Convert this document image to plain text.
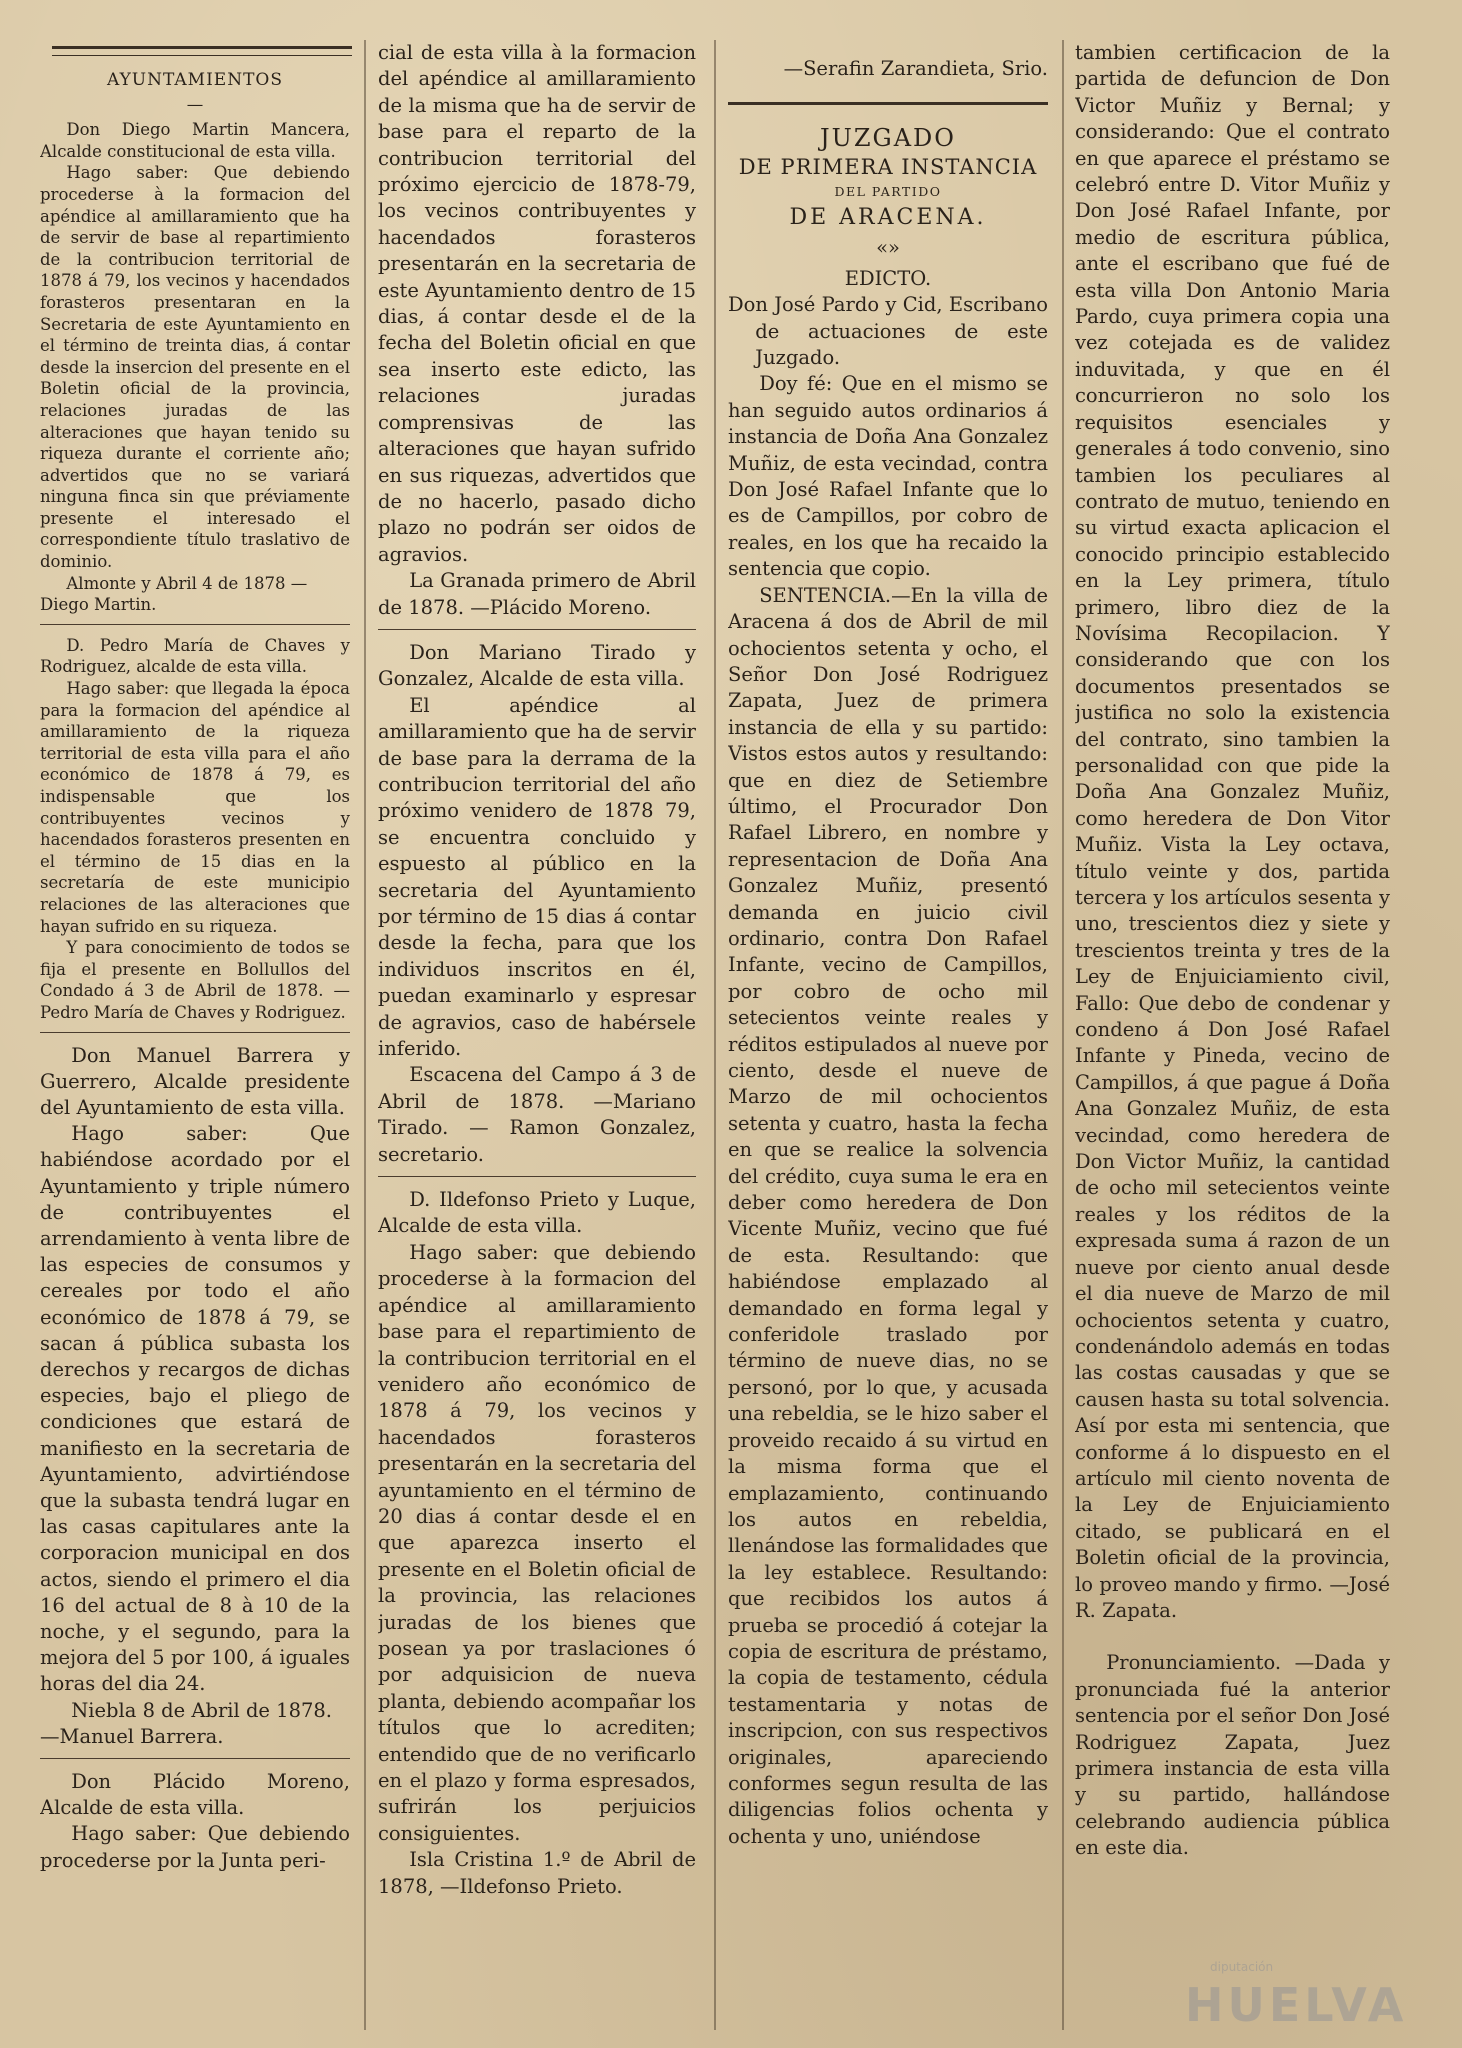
AYUNTAMIENTOS

—

Don Diego Martin Mancera, Alcalde constitucional de esta villa.

Hago saber: Que debiendo procederse à la formacion del apéndice al amillaramiento que ha de servir de base al repartimiento de la contribucion territorial de 1878 á 79, los vecinos y hacendados forasteros presentaran en la Secretaria de este Ayuntamiento en el término de treinta dias, á contar desde la insercion del presente en el Boletin oficial de la provincia, relaciones juradas de las alteraciones que hayan tenido su riqueza durante el corriente año; advertidos que no se variará ninguna finca sin que préviamente presente el interesado el correspondiente título traslativo de dominio.

Almonte y Abril 4 de 1878 —

Diego Martin.

D. Pedro María de Chaves y Rodriguez, alcalde de esta villa.

Hago saber: que llegada la época para la formacion del apéndice al amillaramiento de la riqueza territorial de esta villa para el año económico de 1878 á 79, es indispensable que los contribuyentes vecinos y hacendados forasteros presenten en el término de 15 dias en la secretaría de este municipio relaciones de las alteraciones que hayan sufrido en su riqueza.

Y para conocimiento de todos se fija el presente en Bollullos del Condado á 3 de Abril de 1878. —Pedro María de Chaves y Rodriguez.

Don Manuel Barrera y Guerrero, Alcalde presidente del Ayuntamiento de esta villa.

Hago saber: Que habiéndose acordado por el Ayuntamiento y triple número de contribuyentes el arrendamiento à venta libre de las especies de consumos y cereales por todo el año económico de 1878 á 79, se sacan á pública subasta los derechos y recargos de dichas especies, bajo el pliego de condiciones que estará de manifiesto en la secretaria de Ayuntamiento, advirtiéndose que la subasta tendrá lugar en las casas capitulares ante la corporacion municipal en dos actos, siendo el primero el dia 16 del actual de 8 à 10 de la noche, y el segundo, para la mejora del 5 por 100, á iguales horas del dia 24.

Niebla 8 de Abril de 1878.

—Manuel Barrera.

Don Plácido Moreno, Alcalde de esta villa.

Hago saber: Que debiendo procederse por la Junta peri-

cial de esta villa à la formacion del apéndice al amillaramiento de la misma que ha de servir de base para el reparto de la contribucion territorial del próximo ejercicio de 1878-79, los vecinos contribuyentes y hacendados forasteros presentarán en la secretaria de este Ayuntamiento dentro de 15 dias, á contar desde el de la fecha del Boletin oficial en que sea inserto este edicto, las relaciones juradas comprensivas de las alteraciones que hayan sufrido en sus riquezas, advertidos que de no hacerlo, pasado dicho plazo no podrán ser oidos de agravios.

La Granada primero de Abril de 1878. —Plácido Moreno.

Don Mariano Tirado y Gonzalez, Alcalde de esta villa.

El apéndice al amillaramiento que ha de servir de base para la derrama de la contribucion territorial del año próximo venidero de 1878 79, se encuentra concluido y espuesto al público en la secretaria del Ayuntamiento por término de 15 dias á contar desde la fecha, para que los individuos inscritos en él, puedan examinarlo y espresar de agravios, caso de habérsele inferido.

Escacena del Campo á 3 de Abril de 1878. —Mariano Tirado. — Ramon Gonzalez, secretario.

D. Ildefonso Prieto y Luque, Alcalde de esta villa.

Hago saber: que debiendo procederse à la formacion del apéndice al amillaramiento base para el repartimiento de la contribucion territorial en el venidero año económico de 1878 á 79, los vecinos y hacendados forasteros presentarán en la secretaria del ayuntamiento en el término de 20 dias á contar desde el en que aparezca inserto el presente en el Boletin oficial de la provincia, las relaciones juradas de los bienes que posean ya por traslaciones ó por adquisicion de nueva planta, debiendo acompañar los títulos que lo acrediten; entendido que de no verificarlo en el plazo y forma espresados, sufrirán los perjuicios consiguientes.

Isla Cristina 1.º de Abril de 1878, —Ildefonso Prieto.

—Serafin Zarandieta, Srio.

JUZGADO

DE PRIMERA INSTANCIA

DEL PARTIDO

DE ARACENA.

«»

EDICTO.

Don José Pardo y Cid, Escribano de actuaciones de este Juzgado.

Doy fé: Que en el mismo se han seguido autos ordinarios á instancia de Doña Ana Gonzalez Muñiz, de esta vecindad, contra Don José Rafael Infante que lo es de Campillos, por cobro de reales, en los que ha recaido la sentencia que copio.

SENTENCIA.—En la villa de Aracena á dos de Abril de mil ochocientos setenta y ocho, el Señor Don José Rodriguez Zapata, Juez de primera instancia de ella y su partido: Vistos estos autos y resultando: que en diez de Setiembre último, el Procurador Don Rafael Librero, en nombre y representacion de Doña Ana Gonzalez Muñiz, presentó demanda en juicio civil ordinario, contra Don Rafael Infante, vecino de Campillos, por cobro de ocho mil setecientos veinte reales y réditos estipulados al nueve por ciento, desde el nueve de Marzo de mil ochocientos setenta y cuatro, hasta la fecha en que se realice la solvencia del crédito, cuya suma le era en deber como heredera de Don Vicente Muñiz, vecino que fué de esta. Resultando: que habiéndose emplazado al demandado en forma legal y conferidole traslado por término de nueve dias, no se personó, por lo que, y acusada una rebeldia, se le hizo saber el proveido recaido á su virtud en la misma forma que el emplazamiento, continuando los autos en rebeldia, llenándose las formalidades que la ley establece. Resultando: que recibidos los autos á prueba se procedió á cotejar la copia de escritura de préstamo, la copia de testamento, cédula testamentaria y notas de inscripcion, con sus respectivos originales, apareciendo conformes segun resulta de las diligencias folios ochenta y ochenta y uno, uniéndose

tambien certificacion de la partida de defuncion de Don Victor Muñiz y Bernal; y considerando: Que el contrato en que aparece el préstamo se celebró entre D. Vitor Muñiz y Don José Rafael Infante, por medio de escritura pública, ante el escribano que fué de esta villa Don Antonio Maria Pardo, cuya primera copia una vez cotejada es de validez induvitada, y que en él concurrieron no solo los requisitos esenciales y generales á todo convenio, sino tambien los peculiares al contrato de mutuo, teniendo en su virtud exacta aplicacion el conocido principio establecido en la Ley primera, título primero, libro diez de la Novísima Recopilacion. Y considerando que con los documentos presentados se justifica no solo la existencia del contrato, sino tambien la personalidad con que pide la Doña Ana Gonzalez Muñiz, como heredera de Don Vitor Muñiz. Vista la Ley octava, título veinte y dos, partida tercera y los artículos sesenta y uno, trescientos diez y siete y trescientos treinta y tres de la Ley de Enjuiciamiento civil, Fallo: Que debo de condenar y condeno á Don José Rafael Infante y Pineda, vecino de Campillos, á que pague á Doña Ana Gonzalez Muñiz, de esta vecindad, como heredera de Don Victor Muñiz, la cantidad de ocho mil setecientos veinte reales y los réditos de la expresada suma á razon de un nueve por ciento anual desde el dia nueve de Marzo de mil ochocientos setenta y cuatro, condenándolo además en todas las costas causadas y que se causen hasta su total solvencia. Así por esta mi sentencia, que conforme á lo dispuesto en el artículo mil ciento noventa de la Ley de Enjuiciamiento citado, se publicará en el Boletin oficial de la provincia, lo proveo mando y firmo. —José R. Zapata.

Pronunciamiento. —Dada y pronunciada fué la anterior sentencia por el señor Don José Rodriguez Zapata, Juez primera instancia de esta villa y su partido, hallándose celebrando audiencia pública en este dia.

diputación
HUELVA
